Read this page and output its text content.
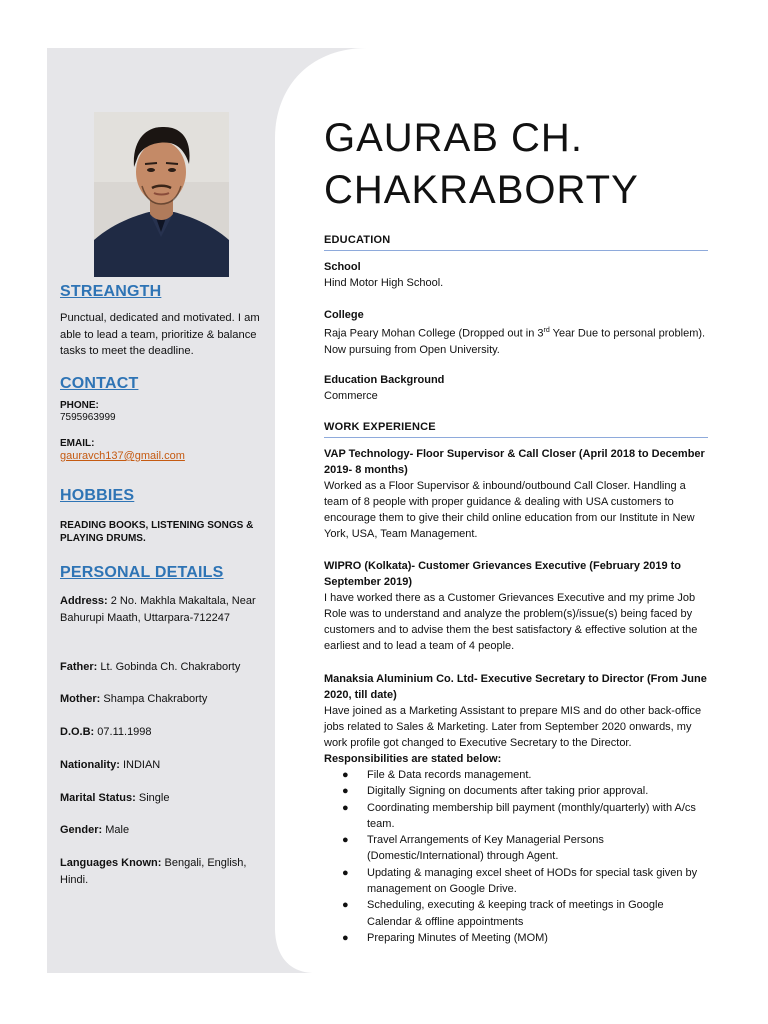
STREANGTH

Punctual, dedicated and motivated. I am able to lead a team, prioritize & balance tasks to meet the deadline.

CONTACT
PHONE:
7595963999
EMAIL:
gauravch137@gmail.com
HOBBIES
READING BOOKS, LISTENING SONGS & PLAYING DRUMS.
PERSONAL DETAILS

Address: 2 No. Makhla Makaltala, Near Bahurupi Maath, Uttarpara-712247

Father: Lt. Gobinda Ch. Chakraborty

Mother: Shampa Chakraborty

D.O.B: 07.11.1998

Nationality: INDIAN

Marital Status: Single

Gender: Male

Languages Known: Bengali, English, Hindi.

GAURAB CH.
CHAKRABORTY
EDUCATION
School
Hind Motor High School.
College
Raja Peary Mohan College (Dropped out in 3rd Year Due to personal problem). Now pursuing from Open University.
Education Background
Commerce
WORK EXPERIENCE
VAP Technology- Floor Supervisor & Call Closer (April 2018 to December 2019- 8 months)
Worked as a Floor Supervisor & inbound/outbound Call Closer. Handling a team of 8 people with proper guidance & dealing with USA customers to encourage them to give their child online education from our Institute in New York, USA, Team Management.
WIPRO (Kolkata)- Customer Grievances Executive (February 2019 to September 2019)
I have worked there as a Customer Grievances Executive and my prime Job Role was to understand and analyze the problem(s)/issue(s) being faced by customers and to advise them the best satisfactory & effective solution at the earliest and to lead a team of 4 people.
Manaksia Aluminium Co. Ltd- Executive Secretary to Director (From June 2020, till date)
Have joined as a Marketing Assistant to prepare MIS and do other back-office jobs related to Sales & Marketing. Later from September 2020 onwards, my work profile got changed to Executive Secretary to the Director.
Responsibilities are stated below:
● File & Data records management.
● Digitally Signing on documents after taking prior approval.
● Coordinating membership bill payment (monthly/quarterly) with A/cs team.
● Travel Arrangements of Key Managerial Persons (Domestic/International) through Agent.
● Updating & managing excel sheet of HODs for special task given by management on Google Drive.
● Scheduling, executing & keeping track of meetings in Google Calendar & offline appointments
● Preparing Minutes of Meeting (MOM)
